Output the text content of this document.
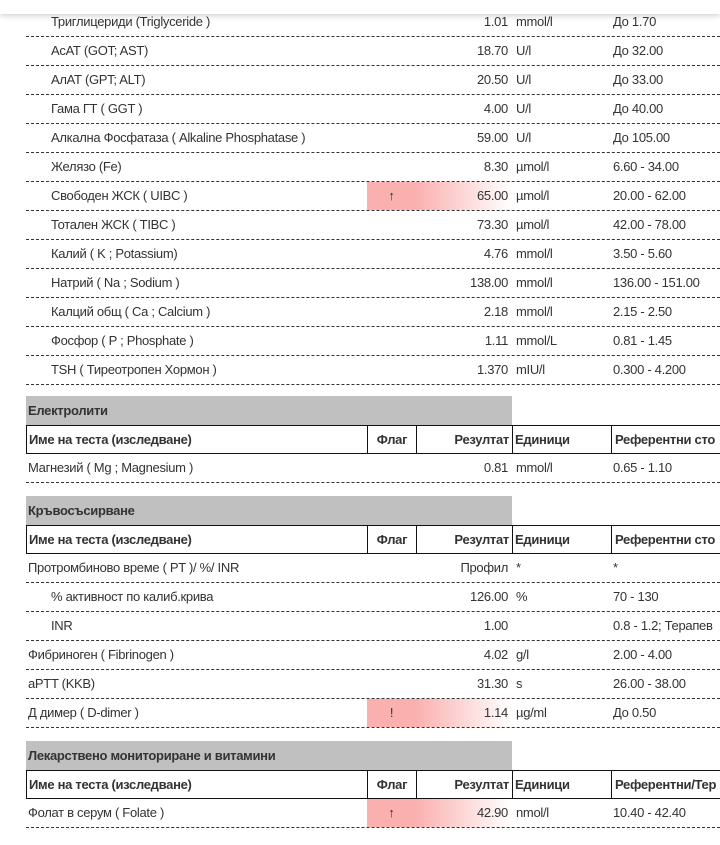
Триглицериди (Triglyceride )	1.01 mmol/l	До 1.70
АсАТ (GOT; AST)	18.70 U/l	До 32.00
АлАТ (GPT; ALT)	20.50 U/l	До 33.00
Гама ГТ ( GGT )	4.00 U/l	До 40.00
Алкална Фосфатаза ( Alkaline Phosphatase )	59.00 U/l	До 105.00
Желязо (Fe)	8.30 µmol/l	6.60 - 34.00
Свободен ЖСК ( UIBC )	↑	65.00 µmol/l	20.00 - 62.00
Тотален ЖСК ( TIBC )	73.30 µmol/l	42.00 - 78.00
Калий ( K ; Potassium)	4.76 mmol/l	3.50 - 5.60
Натрий ( Na ; Sodium )	138.00 mmol/l	136.00 - 151.00
Калций общ ( Ca ; Calcium )	2.18 mmol/l	2.15 - 2.50
Фосфор ( P ; Phosphate )	1.11 mmol/L	0.81 - 1.45
TSH ( Тиреотропен Хормон )	1.370 mIU/l	0.300 - 4.200
Електролити
Име на теста (изследване)	Флаг	Резултат Единици	Референтни сто
Магнезий ( Mg ; Magnesium )	0.81 mmol/l	0.65 - 1.10
Кръвосъсирване
Име на теста (изследване)	Флаг	Резултат Единици	Референтни сто
Протромбиново време ( PT )/ %/ INR	Профил *	*
% активност по калиб.крива	126.00 %	70 - 130
INR	1.00	0.8 - 1.2; Терапев
Фибриноген ( Fibrinogen )	4.02 g/l	2.00 - 4.00
aPTT (KKB)	31.30 s	26.00 - 38.00
Д димер ( D-dimer )	!	1.14 µg/ml	До 0.50
Лекарствено мониториране и витамини
Име на теста (изследване)	Флаг	Резултат Единици	Референтни/Тер
Фолат в серум ( Folate )	↑	42.90 nmol/l	10.40 - 42.40
